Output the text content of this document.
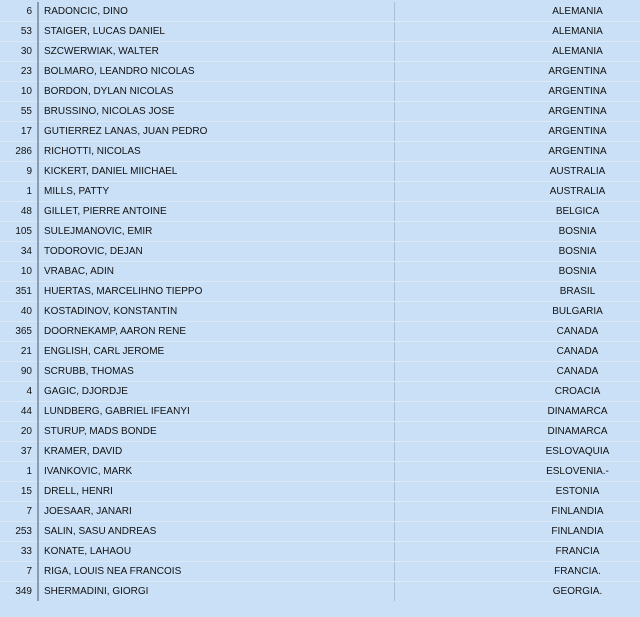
6	RADONCIC, DINO	ALEMANIA
53	STAIGER, LUCAS DANIEL	ALEMANIA
30	SZCWERWIAK, WALTER	ALEMANIA
23	BOLMARO, LEANDRO NICOLAS	ARGENTINA
10	BORDON, DYLAN NICOLAS	ARGENTINA
55	BRUSSINO, NICOLAS JOSE	ARGENTINA
17	GUTIERREZ LANAS, JUAN PEDRO	ARGENTINA
286	RICHOTTI, NICOLAS	ARGENTINA
9	KICKERT, DANIEL MIICHAEL	AUSTRALIA
1	MILLS, PATTY	AUSTRALIA
48	GILLET, PIERRE ANTOINE	BELGICA
105	SULEJMANOVIC, EMIR	BOSNIA
34	TODOROVIC, DEJAN	BOSNIA
10	VRABAC, ADIN	BOSNIA
351	HUERTAS, MARCELIHNO TIEPPO	BRASIL
40	KOSTADINOV, KONSTANTIN	BULGARIA
365	DOORNEKAMP, AARON RENE	CANADA
21	ENGLISH, CARL JEROME	CANADA
90	SCRUBB, THOMAS	CANADA
4	GAGIC, DJORDJE	CROACIA
44	LUNDBERG, GABRIEL IFEANYI	DINAMARCA
20	STURUP, MADS BONDE	DINAMARCA
37	KRAMER, DAVID	ESLOVAQUIA
1	IVANKOVIC, MARK	ESLOVENIA.-
15	DRELL, HENRI	ESTONIA
7	JOESAAR, JANARI	FINLANDIA
253	SALIN, SASU ANDREAS	FINLANDIA
33	KONATE, LAHAOU	FRANCIA
7	RIGA, LOUIS NEA FRANCOIS	FRANCIA.
349	SHERMADINI, GIORGI	GEORGIA.
